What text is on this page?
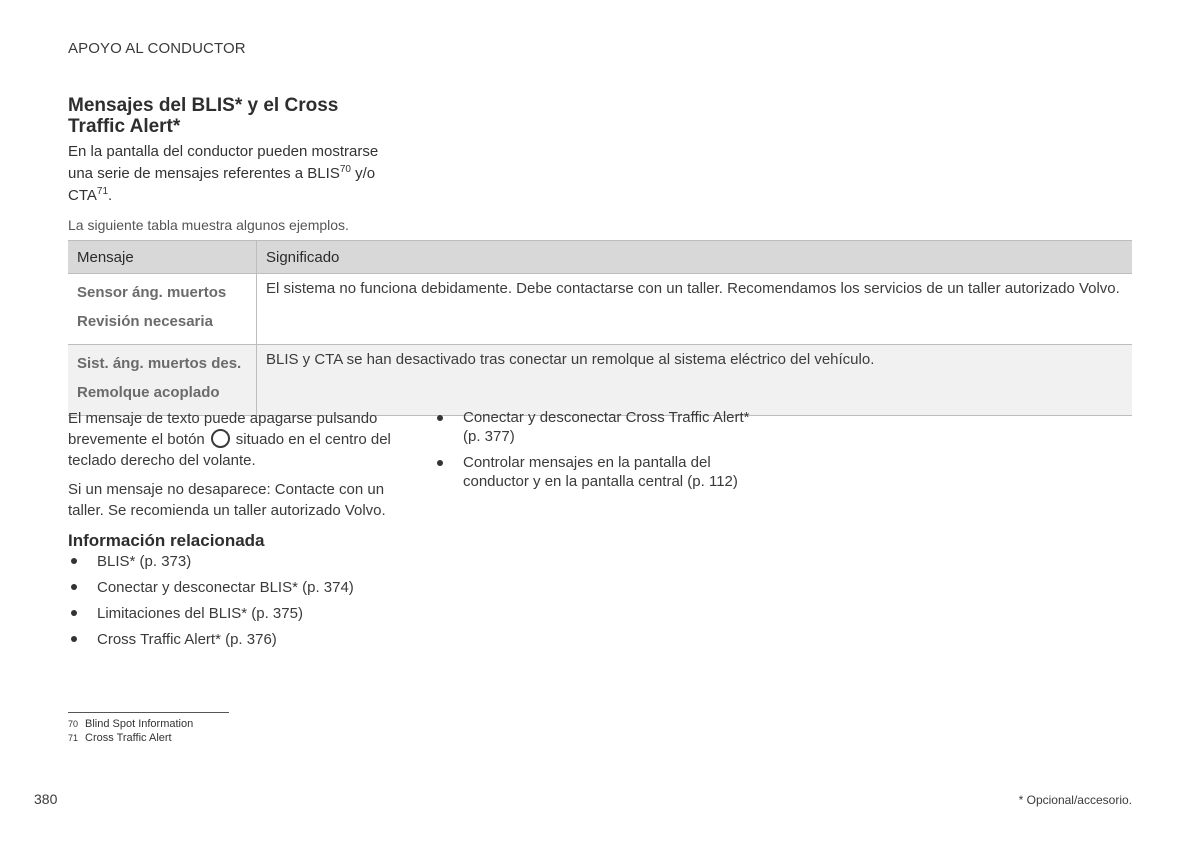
APOYO AL CONDUCTOR
Mensajes del BLIS* y el Cross Traffic Alert*
En la pantalla del conductor pueden mostrarse una serie de mensajes referentes a BLIS$^{70}$ y/o CTA$^{71}$.
La siguiente tabla muestra algunos ejemplos.
Mensaje	Significado

Sensor áng. muertos
Revisión necesaria	El sistema no funciona debidamente. Debe contactarse con un taller. Recomendamos los servicios de un taller autorizado Volvo.

Sist. áng. muertos des.
Remolque acoplado	BLIS y CTA se han desactivado tras conectar un remolque al sistema eléctrico del vehículo.

El mensaje de texto puede apagarse pulsando brevemente el botón situado en el centro del teclado derecho del volante.

Si un mensaje no desaparece: Contacte con un taller. Se recomienda un taller autorizado Volvo.

Información relacionada
BLIS* (p. 373)
Conectar y desconectar BLIS* (p. 374)
Limitaciones del BLIS* (p. 375)
Cross Traffic Alert* (p. 376)
Conectar y desconectar Cross Traffic Alert* (p. 377)
Controlar mensajes en la pantalla del conductor y en la pantalla central (p. 112)
70 Blind Spot Information
71 Cross Traffic Alert
380	* Opcional/accesorio.
